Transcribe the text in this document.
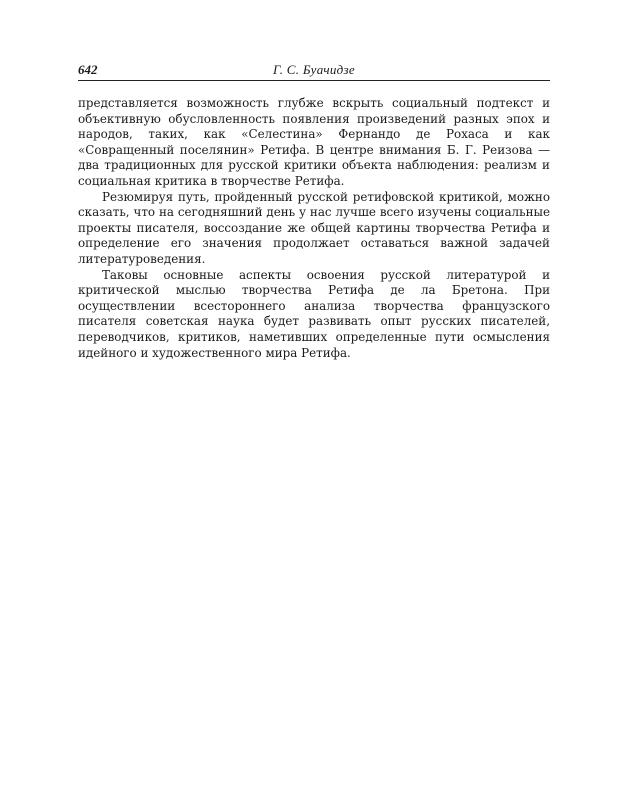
642	Г. С. Буачидзе

представляется возможность глубже вскрыть социальный подтекст и объективную обусловленность появления произведений разных эпох и народов, таких, как «Селестина» Фернандо де Рохаса и как «Совращенный поселянин» Ретифа. В центре внимания Б. Г. Реизова — два традиционных для русской критики объекта наблюдения: реализм и социальная критика в творчестве Ретифа.

Резюмируя путь, пройденный русской ретифовской критикой, можно сказать, что на сегодняшний день у нас лучше всего изучены социальные проекты писателя, воссоздание же общей картины творчества Ретифа и определение его значения продолжает оставаться важной задачей литературоведения.

Таковы основные аспекты освоения русской литературой и критической мыслью творчества Ретифа де ла Бретона. При осуществлении всестороннего анализа творчества французского писателя советская наука будет развивать опыт русских писателей, переводчиков, критиков, наметивших определенные пути осмысления идейного и художественного мира Ретифа.
